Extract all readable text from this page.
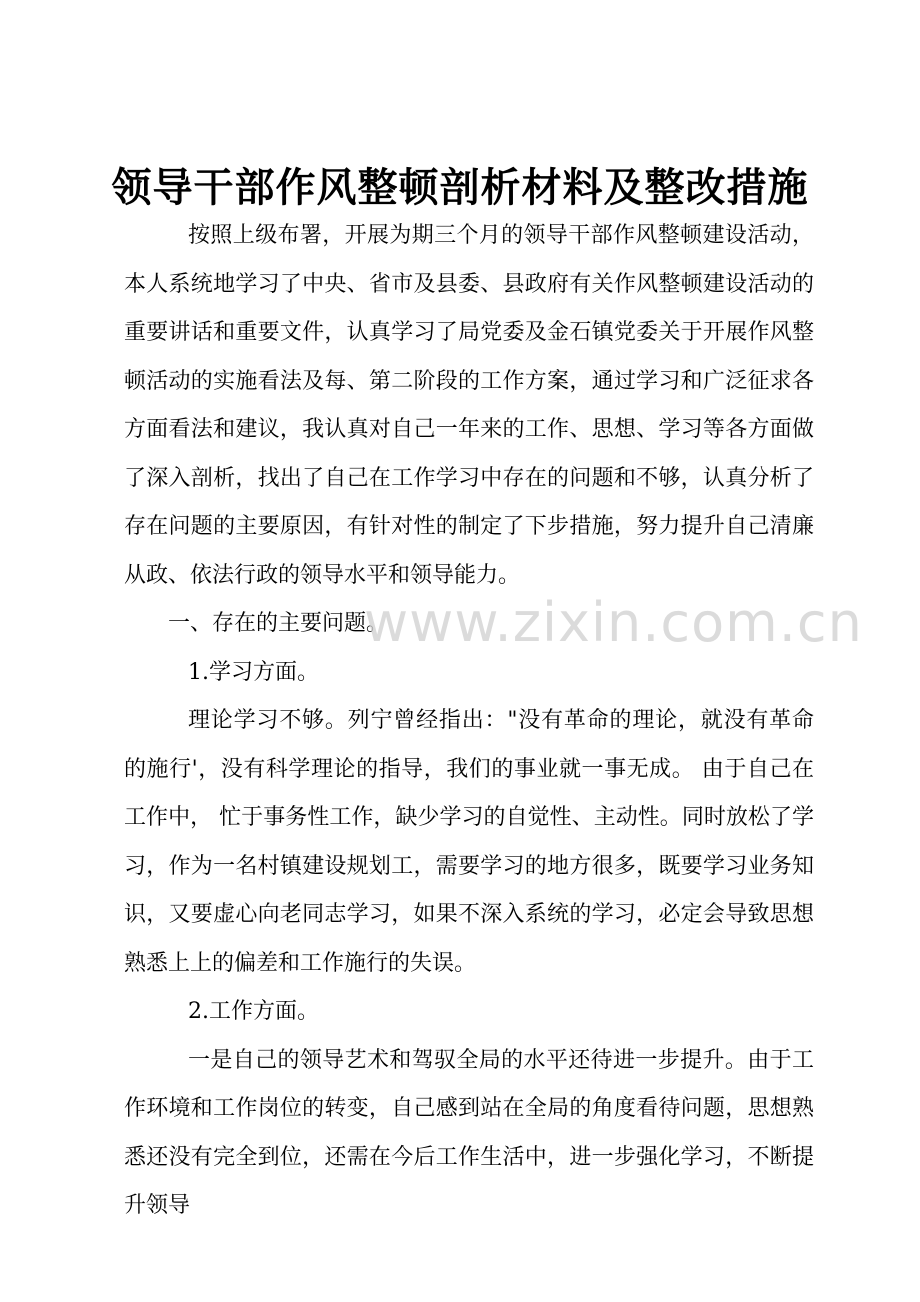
领导干部作风整顿剖析材料及整改措施

按照上级布署，开展为期三个月的领导干部作风整顿建设活动，本人系统地学习了中央、省市及县委、县政府有关作风整顿建设活动的重要讲话和重要文件，认真学习了局党委及金石镇党委关于开展作风整顿活动的实施看法及每、第二阶段的工作方案，通过学习和广泛征求各方面看法和建议，我认真对自己一年来的工作、思想、学习等各方面做了深入剖析，找出了自己在工作学习中存在的问题和不够，认真分析了存在问题的主要原因，有针对性的制定了下步措施，努力提升自己清廉从政、依法行政的领导水平和领导能力。

一、存在的主要问题。

1.学习方面。

理论学习不够。列宁曾经指出："没有革命的理论，就没有革命的施行'，没有科学理论的指导，我们的事业就一事无成。 由于自己在工作中， 忙于事务性工作，缺少学习的自觉性、主动性。同时放松了学习，作为一名村镇建设规划工，需要学习的地方很多，既要学习业务知识，又要虚心向老同志学习，如果不深入系统的学习，必定会导致思想熟悉上上的偏差和工作施行的失误。

2.工作方面。

一是自己的领导艺术和驾驭全局的水平还待进一步提升。由于工作环境和工作岗位的转变，自己感到站在全局的角度看待问题，思想熟悉还没有完全到位，还需在今后工作生活中，进一步强化学习，不断提升领导

www.zixin.com.cn
